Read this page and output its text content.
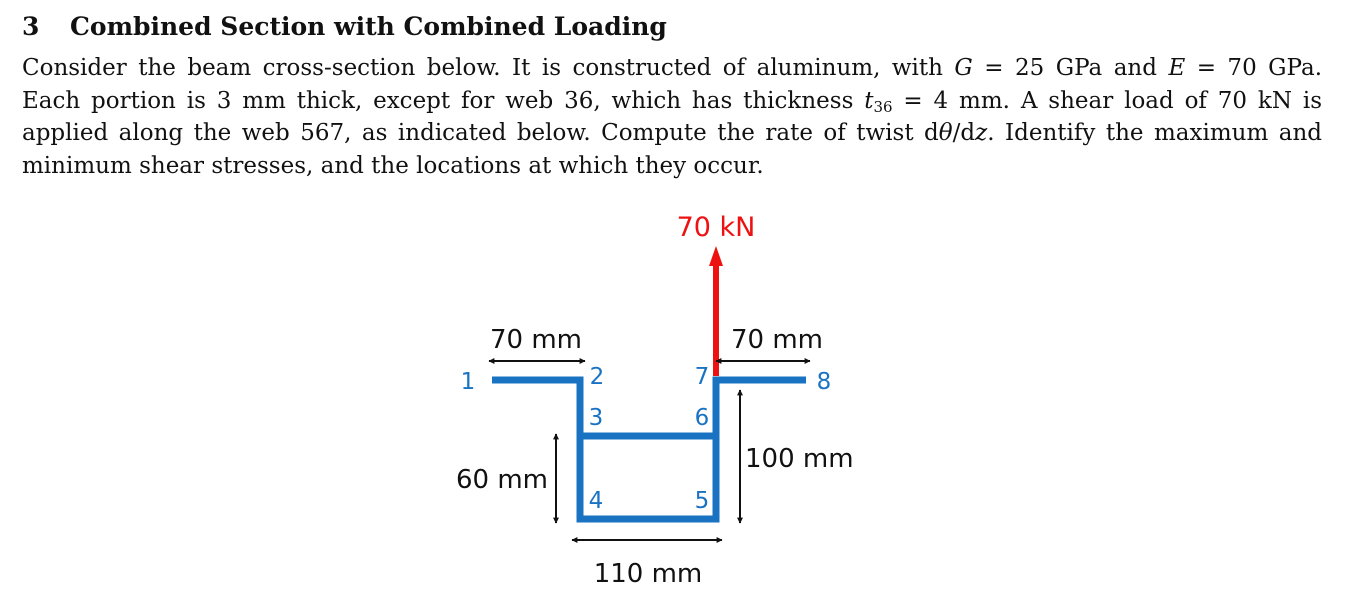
3 Combined Section with Combined Loading
Consider the beam cross-section below. It is constructed of aluminum, with G = 25 GPa and E = 70 GPa.
Each portion is 3 mm thick, except for web 36, which has thickness $t_{36} = 4$ mm. A shear load of 70 kN is
applied along the web 567, as indicated below. Compute the rate of twist dθ/dz. Identify the maximum and
minimum shear stresses, and the locations at which they occur.
70 kN
1	2
3
4	5
6
7	8
70 mm	70 mm
60 mm
100 mm
110 mm
